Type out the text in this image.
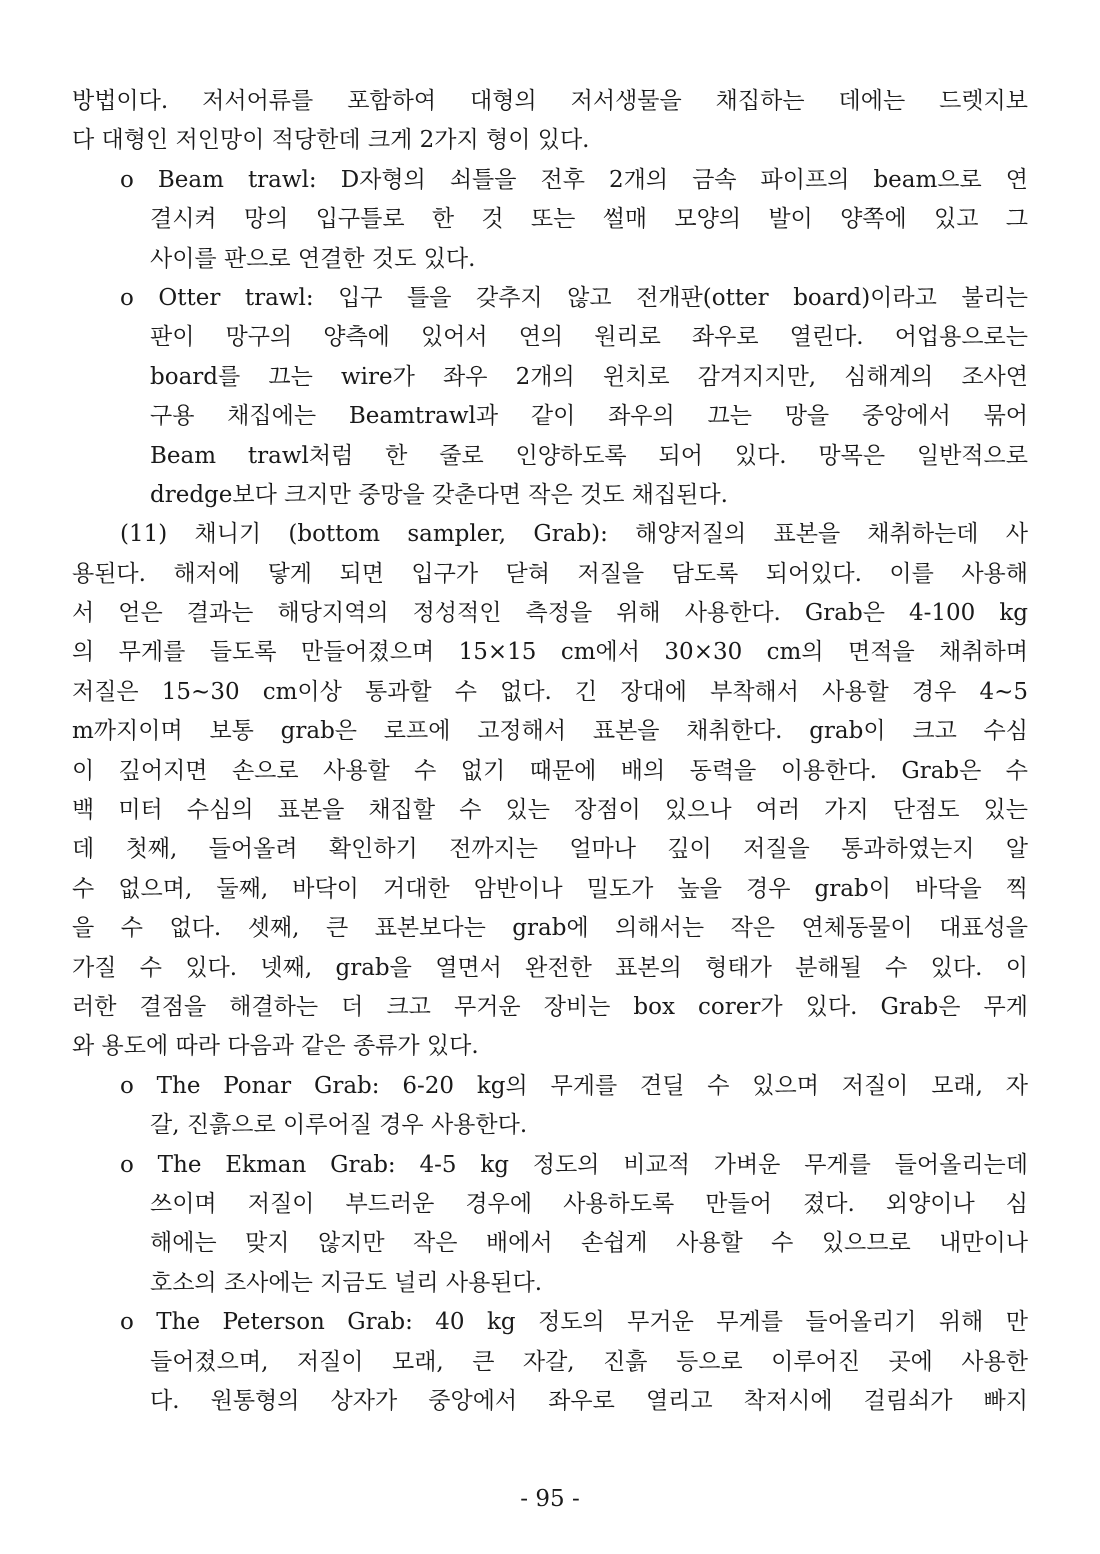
방법이다. 저서어류를 포함하여 대형의 저서생물을 채집하는 데에는 드렛지보
다 대형인 저인망이 적당한데 크게 2가지 형이 있다.
o Beam trawl: D자형의 쇠틀을 전후 2개의 금속 파이프의 beam으로 연
결시켜 망의 입구틀로 한 것 또는 썰매 모양의 발이 양쪽에 있고 그
사이를 판으로 연결한 것도 있다.
o Otter trawl: 입구 틀을 갖추지 않고 전개판(otter board)이라고 불리는
판이 망구의 양측에 있어서 연의 원리로 좌우로 열린다. 어업용으로는
board를 끄는 wire가 좌우 2개의 윈치로 감겨지지만, 심해계의 조사연
구용 채집에는 Beamtrawl과 같이 좌우의 끄는 망을 중앙에서 묶어
Beam trawl처럼 한 줄로 인양하도록 되어 있다. 망목은 일반적으로
dredge보다 크지만 중망을 갖춘다면 작은 것도 채집된다.
(11) 채니기 (bottom sampler, Grab): 해양저질의 표본을 채취하는데 사
용된다. 해저에 닿게 되면 입구가 닫혀 저질을 담도록 되어있다. 이를 사용해
서 얻은 결과는 해당지역의 정성적인 측정을 위해 사용한다. Grab은 4-100 kg
의 무게를 들도록 만들어졌으며 15×15 cm에서 30×30 cm의 면적을 채취하며
저질은 15∼30 cm이상 통과할 수 없다. 긴 장대에 부착해서 사용할 경우 4∼5
m까지이며 보통 grab은 로프에 고정해서 표본을 채취한다. grab이 크고 수심
이 깊어지면 손으로 사용할 수 없기 때문에 배의 동력을 이용한다. Grab은 수
백 미터 수심의 표본을 채집할 수 있는 장점이 있으나 여러 가지 단점도 있는
데 첫째, 들어올려 확인하기 전까지는 얼마나 깊이 저질을 통과하였는지 알
수 없으며, 둘째, 바닥이 거대한 암반이나 밀도가 높을 경우 grab이 바닥을 찍
을 수 없다. 셋째, 큰 표본보다는 grab에 의해서는 작은 연체동물이 대표성을
가질 수 있다. 넷째, grab을 열면서 완전한 표본의 형태가 분해될 수 있다. 이
러한 결점을 해결하는 더 크고 무거운 장비는 box corer가 있다. Grab은 무게
와 용도에 따라 다음과 같은 종류가 있다.
o The Ponar Grab: 6-20 kg의 무게를 견딜 수 있으며 저질이 모래, 자
갈, 진흙으로 이루어질 경우 사용한다.
o The Ekman Grab: 4-5 kg 정도의 비교적 가벼운 무게를 들어올리는데
쓰이며 저질이 부드러운 경우에 사용하도록 만들어 졌다. 외양이나 심
해에는 맞지 않지만 작은 배에서 손쉽게 사용할 수 있으므로 내만이나
호소의 조사에는 지금도 널리 사용된다.
o The Peterson Grab: 40 kg 정도의 무거운 무게를 들어올리기 위해 만
들어졌으며, 저질이 모래, 큰 자갈, 진흙 등으로 이루어진 곳에 사용한
다. 원통형의 상자가 중앙에서 좌우로 열리고 착저시에 걸림쇠가 빠지
- 95 -
